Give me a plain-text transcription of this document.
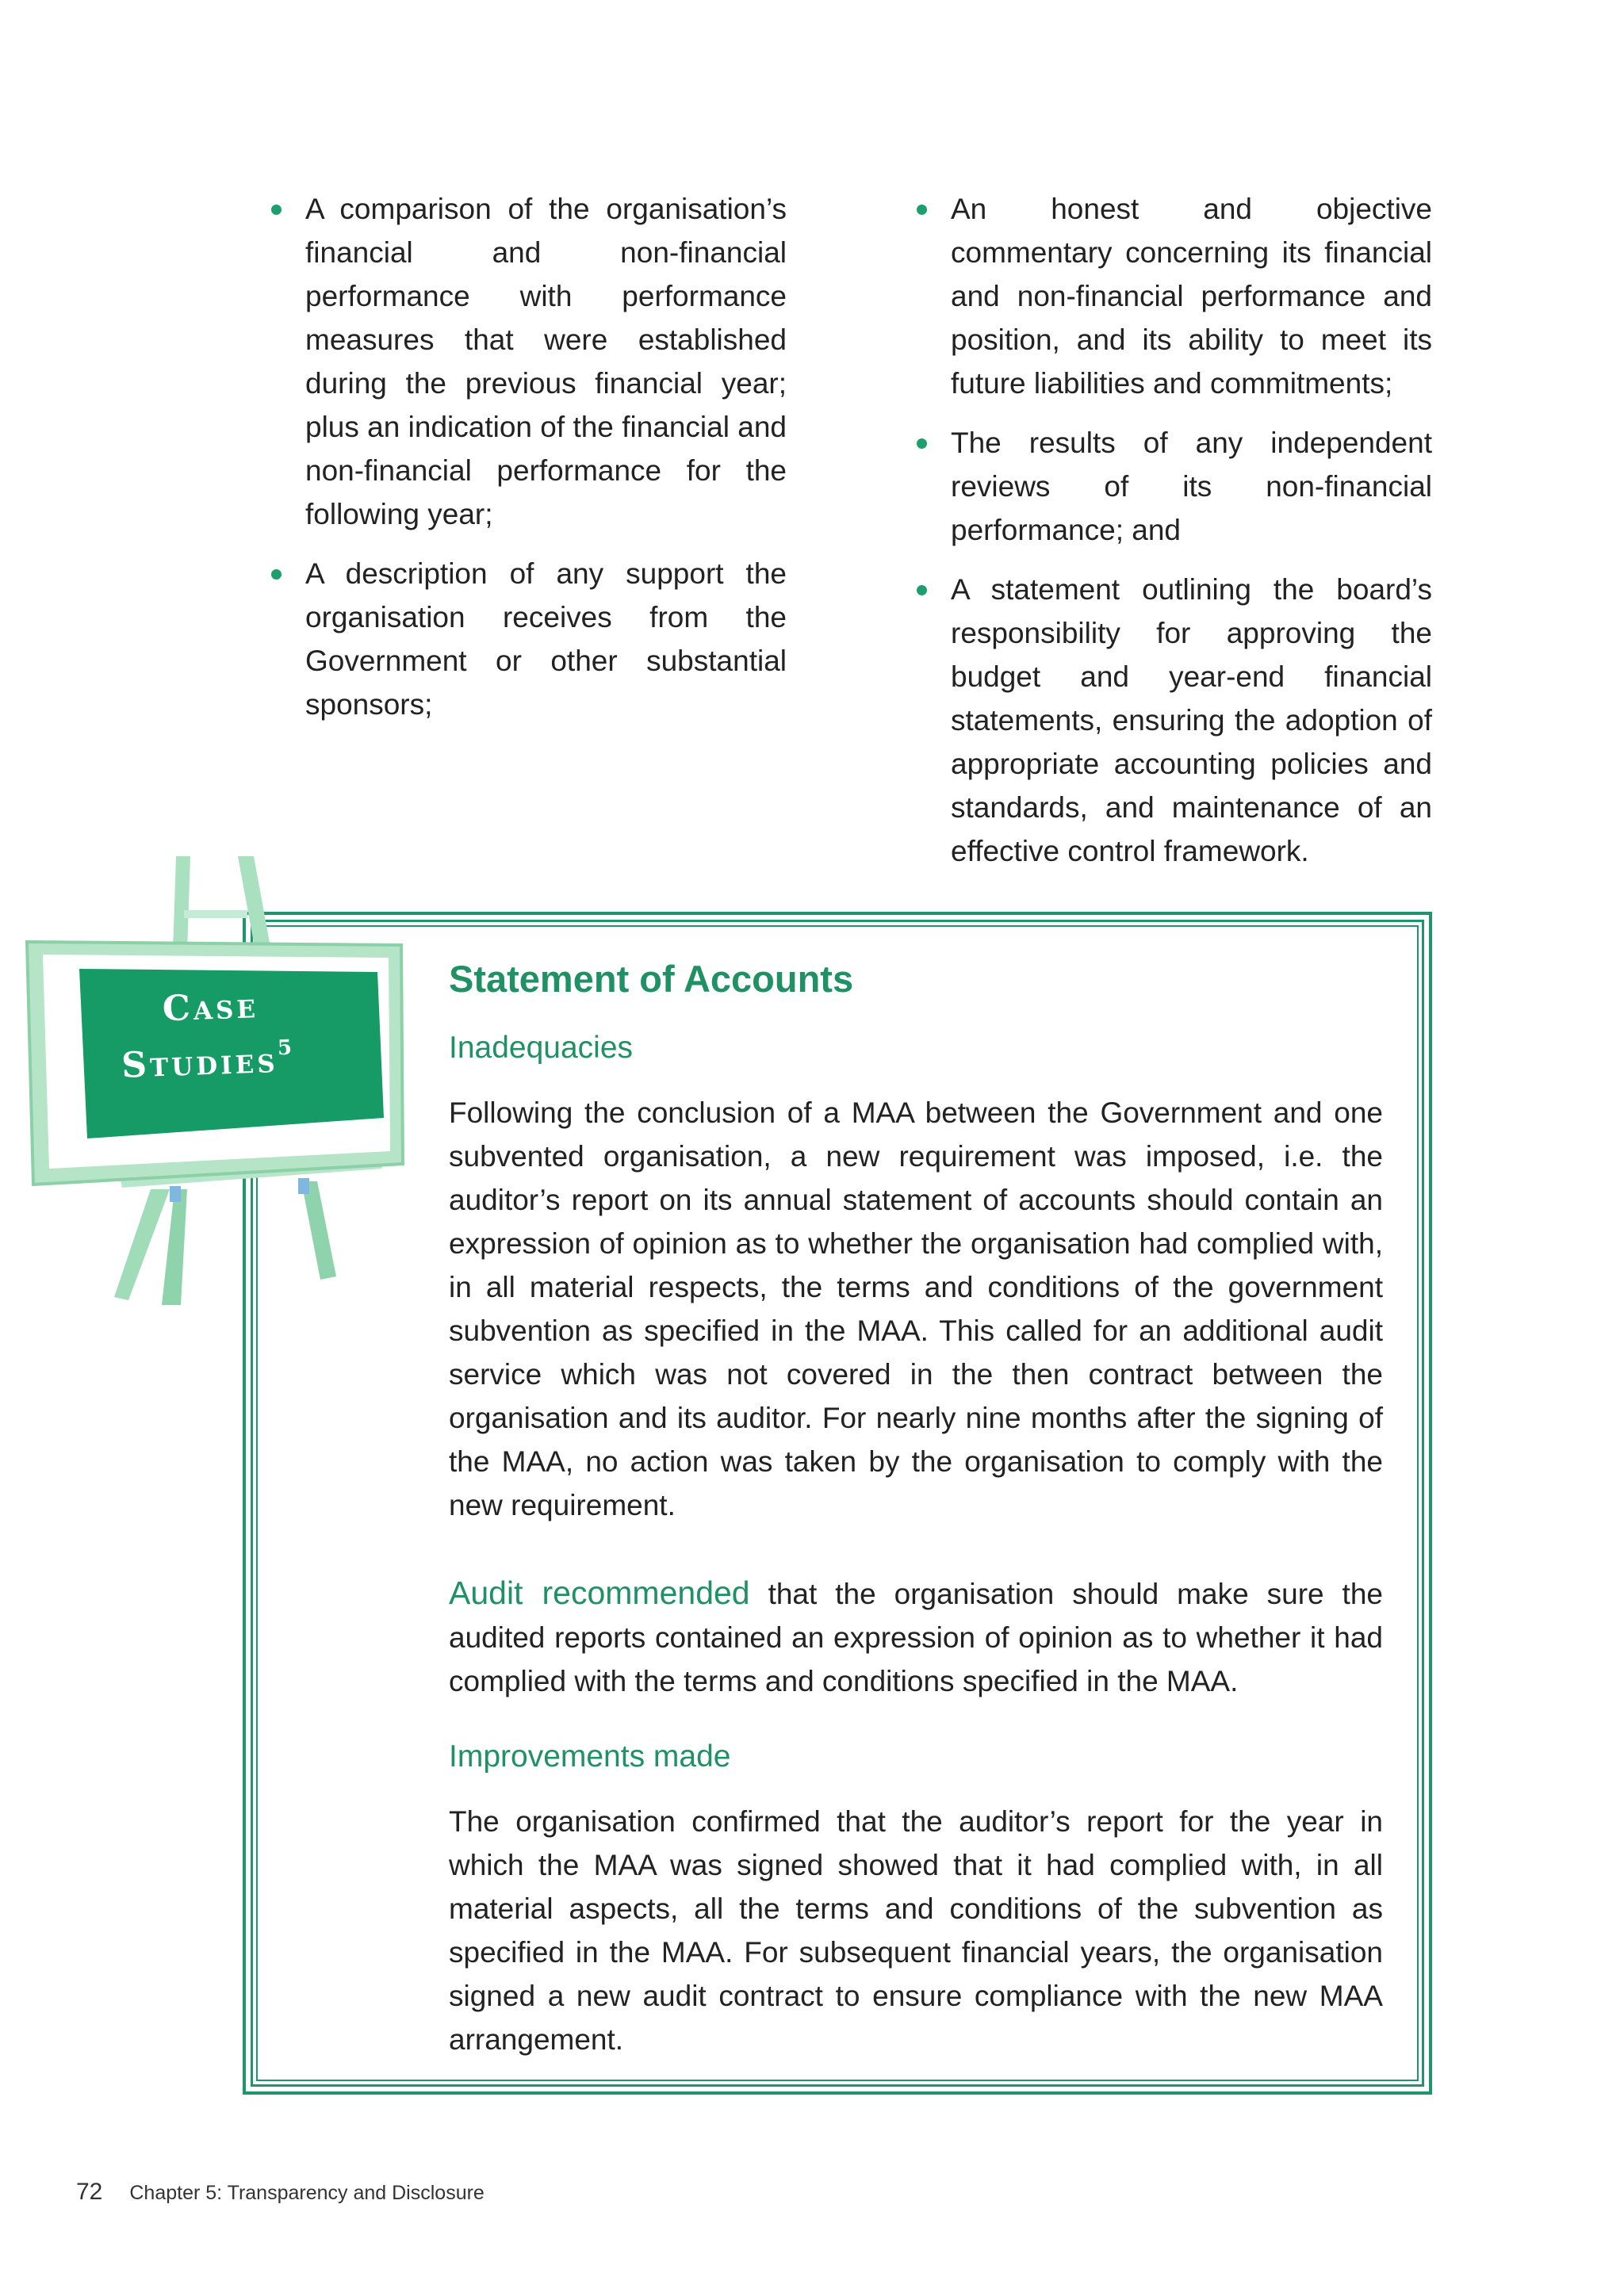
A comparison of the organisation’s financial and non-financial performance with performance measures that were established during the previous financial year; plus an indication of the financial and non-financial performance for the following year;
A description of any support the organisation receives from the Government or other substantial sponsors;
An honest and objective commentary concerning its financial and non-financial performance and position, and its ability to meet its future liabilities and commitments;
The results of any independent reviews of its non-financial performance; and
A statement outlining the board’s responsibility for approving the budget and year-end financial statements, ensuring the adoption of appropriate accounting policies and standards, and maintenance of an effective control framework.
Case
Studies$^5$
Statement of Accounts
Inadequacies

Following the conclusion of a MAA between the Government and one subvented organisation, a new requirement was imposed, i.e. the auditor’s report on its annual statement of accounts should contain an expression of opinion as to whether the organisation had complied with, in all material respects, the terms and conditions of the government subvention as specified in the MAA. This called for an additional audit service which was not covered in the then contract between the organisation and its auditor. For nearly nine months after the signing of the MAA, no action was taken by the organisation to comply with the new requirement.

Audit recommended that the organisation should make sure the audited reports contained an expression of opinion as to whether it had complied with the terms and conditions specified in the MAA.

Improvements made

The organisation confirmed that the auditor’s report for the year in which the MAA was signed showed that it had complied with, in all material aspects, all the terms and conditions of the subvention as specified in the MAA. For subsequent financial years, the organisation signed a new audit contract to ensure compliance with the new MAA arrangement.

72 Chapter 5: Transparency and Disclosure
